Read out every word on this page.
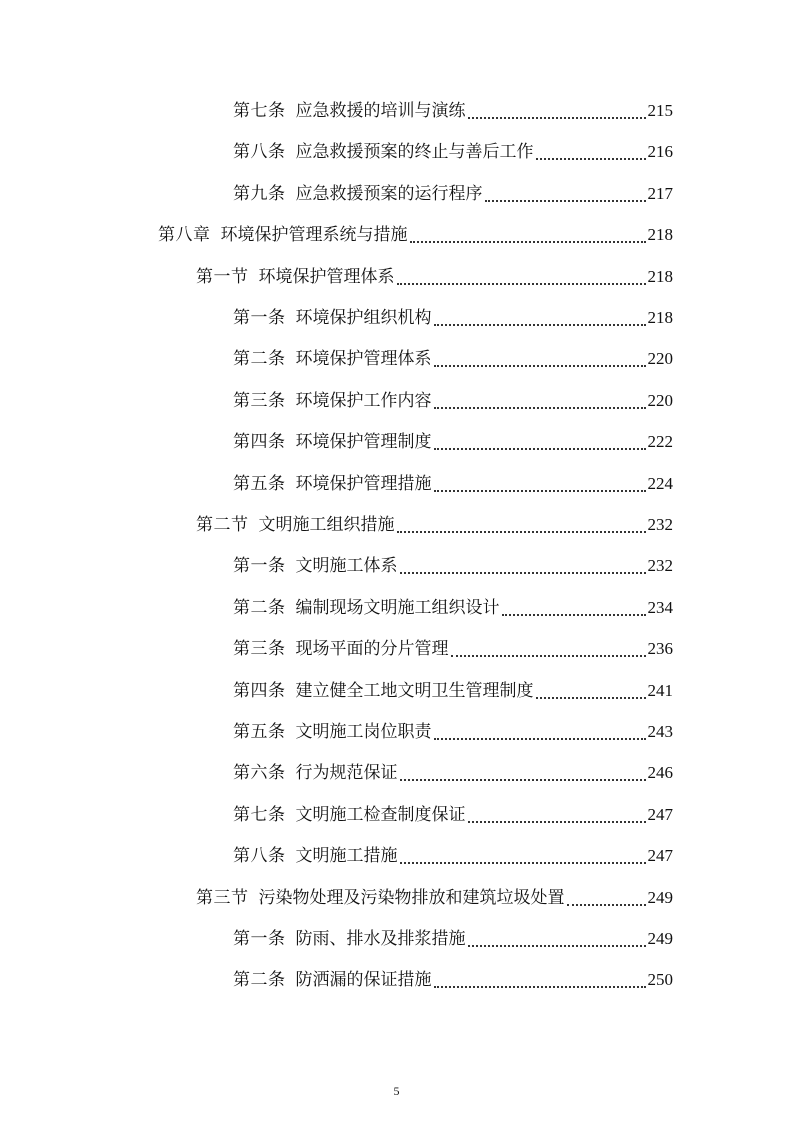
第七条 应急救援的培训与演练	215
第八条 应急救援预案的终止与善后工作	216
第九条 应急救援预案的运行程序	217
第八章 环境保护管理系统与措施	218
第一节 环境保护管理体系	218
第一条 环境保护组织机构	218
第二条 环境保护管理体系	220
第三条 环境保护工作内容	220
第四条 环境保护管理制度	222
第五条 环境保护管理措施	224
第二节 文明施工组织措施	232
第一条 文明施工体系	232
第二条 编制现场文明施工组织设计	234
第三条 现场平面的分片管理	236
第四条 建立健全工地文明卫生管理制度	241
第五条 文明施工岗位职责	243
第六条 行为规范保证	246
第七条 文明施工检查制度保证	247
第八条 文明施工措施	247
第三节 污染物处理及污染物排放和建筑垃圾处置	249
第一条 防雨、排水及排浆措施	249
第二条 防洒漏的保证措施	250
5
